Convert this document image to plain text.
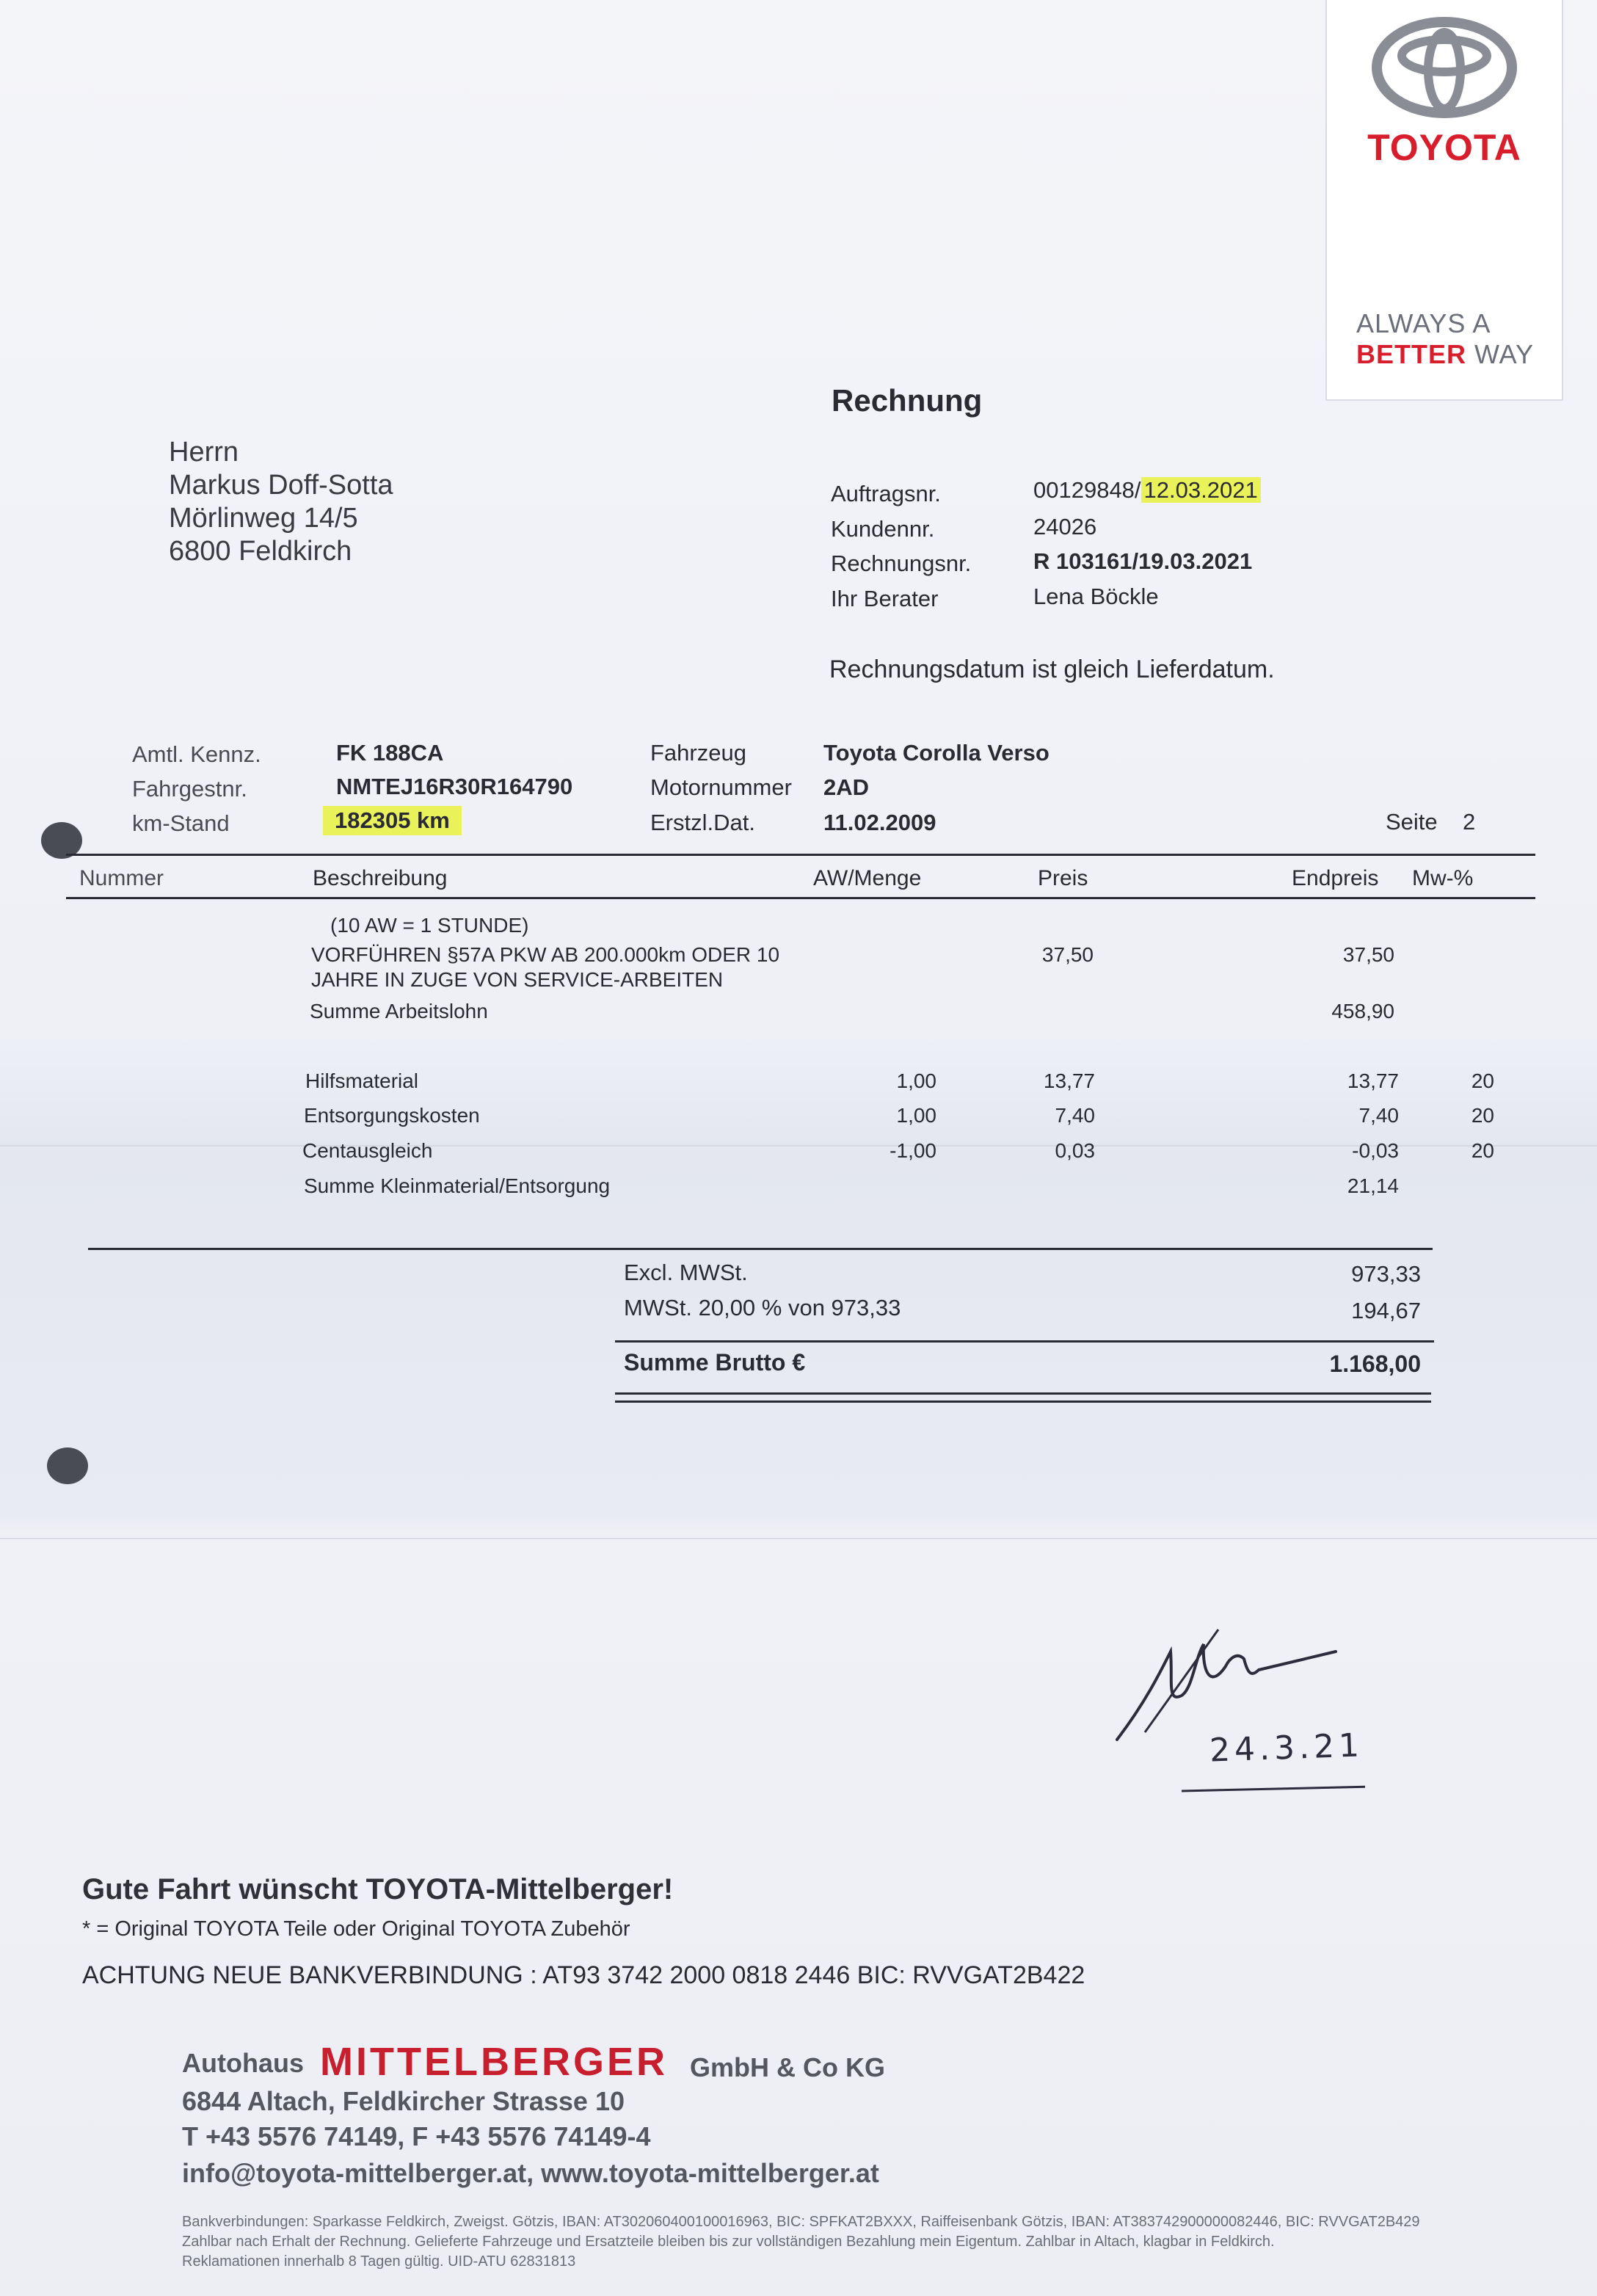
TOYOTA
ALWAYS A
BETTER WAY
Rechnung
Herrn
Markus Doff-Sotta
Mörlinweg 14/5
6800 Feldkirch
Auftragsnr.	00129848/ 12.03.2021
Kundennr.	24026
Rechnungsnr.	R 103161/19.03.2021
Ihr Berater	Lena Böckle
Rechnungsdatum ist gleich Lieferdatum.
Amtl. Kennz.	FK 188CA
Fahrgestnr.	NMTEJ16R30R164790
km-Stand	182305 km
Fahrzeug	Toyota Corolla Verso
Motornummer 2AD
Erstzl.Dat.	11.02.2009	Seite 2
Nummer	Beschreibung	AW/Menge	Preis	Endpreis Mw-%
(10 AW = 1 STUNDE)
VORFÜHREN §57A PKW AB 200.000km ODER 10
JAHRE IN ZUGE VON SERVICE-ARBEITEN
37,50	37,50
Summe Arbeitslohn	458,90
Hilfsmaterial	1,00	13,77	13,77	20
Entsorgungskosten	1,00	7,40	7,40	20
Centausgleich	-1,00	0,03	-0,03	20
Summe Kleinmaterial/Entsorgung	21,14
Excl. MWSt.	973,33
MWSt. 20,00 % von 973,33	194,67
Summe Brutto €	1.168,00
24.3.21
Gute Fahrt wünscht TOYOTA-Mittelberger!
* = Original TOYOTA Teile oder Original TOYOTA Zubehör
ACHTUNG NEUE BANKVERBINDUNG : AT93 3742 2000 0818 2446 BIC: RVVGAT2B422
Autohaus MITTELBERGER GmbH & Co KG
6844 Altach, Feldkircher Strasse 10
T +43 5576 74149, F +43 5576 74149-4
info@toyota-mittelberger.at, www.toyota-mittelberger.at
Bankverbindungen: Sparkasse Feldkirch, Zweigst. Götzis, IBAN: AT302060400100016963, BIC: SPFKAT2BXXX, Raiffeisenbank Götzis, IBAN: AT383742900000082446, BIC: RVVGAT2B429
Zahlbar nach Erhalt der Rechnung. Gelieferte Fahrzeuge und Ersatzteile bleiben bis zur vollständigen Bezahlung mein Eigentum. Zahlbar in Altach, klagbar in Feldkirch.
Reklamationen innerhalb 8 Tagen gültig. UID-ATU 62831813
